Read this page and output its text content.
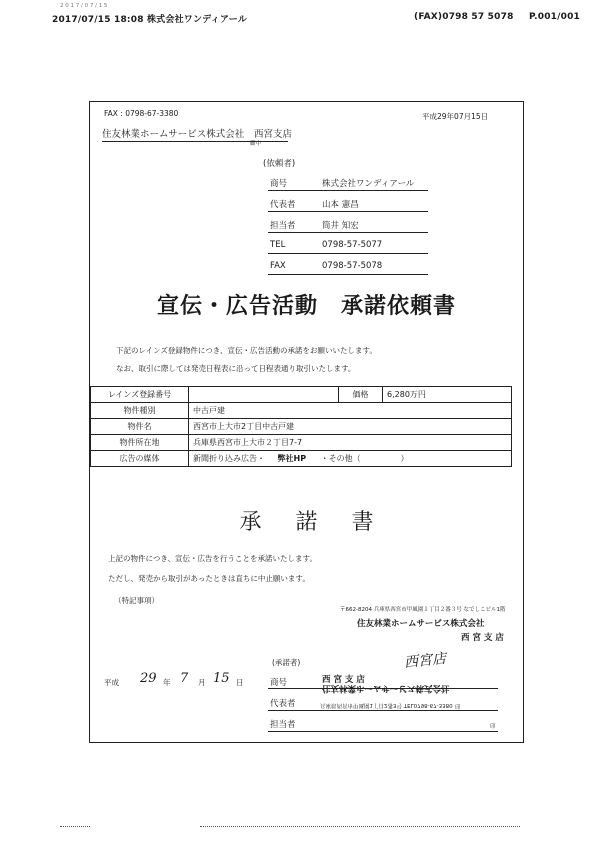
2 0 1 7 / 0 7 / 1 5
2017/07/15 18:08 株式会社ワンディアール	(FAX)0798 57 5078 P.001/001
FAX : 0798-67-3380	平成29年07月15日
住友林業ホームサービス株式会社 西宮支店
御中
(依頼者)
商号	株式会社ワンディアール
代表者	山本 憲昌
担当者	筒井 知宏
TEL	0798-57-5077
FAX	0798-57-5078
宣伝・広告活動　承諾依頼書
下記のレインズ登録物件につき、宣伝・広告活動の承諾をお願いいたします。
なお、取引に際しては発売日程表に沿って日程表通り取引いたします。
レインズ登録番号		価格	6,280万円
物件種別	中古戸建		
物件名	西宮市上大市2丁目中古戸建		
物件所在地	兵庫県西宮市上大市２丁目7-7		
広告の媒体	新聞折り込み広告・ 弊社HP ・その他（　　　　　）		
承諾書
上記の物件につき、宣伝・広告を行うことを承諾いたします。
ただし、発売から取引があったときは直ちに中止願います。
（特記事項）
〒662-8204 兵庫県西宮市甲風園１丁目２番３号 なでしこビル1階
住友林業ホームサービス株式会社
西 宮 支 店
平成 29 年 7 月 15 日
(承諾者)	西宮店
商号	西 宮 支 店
住友林業ホームサービス株式会社
代表者	兵庫県西宮市甲風園1丁目2番3号 TEL0798-67-3380 印
担当者	印
